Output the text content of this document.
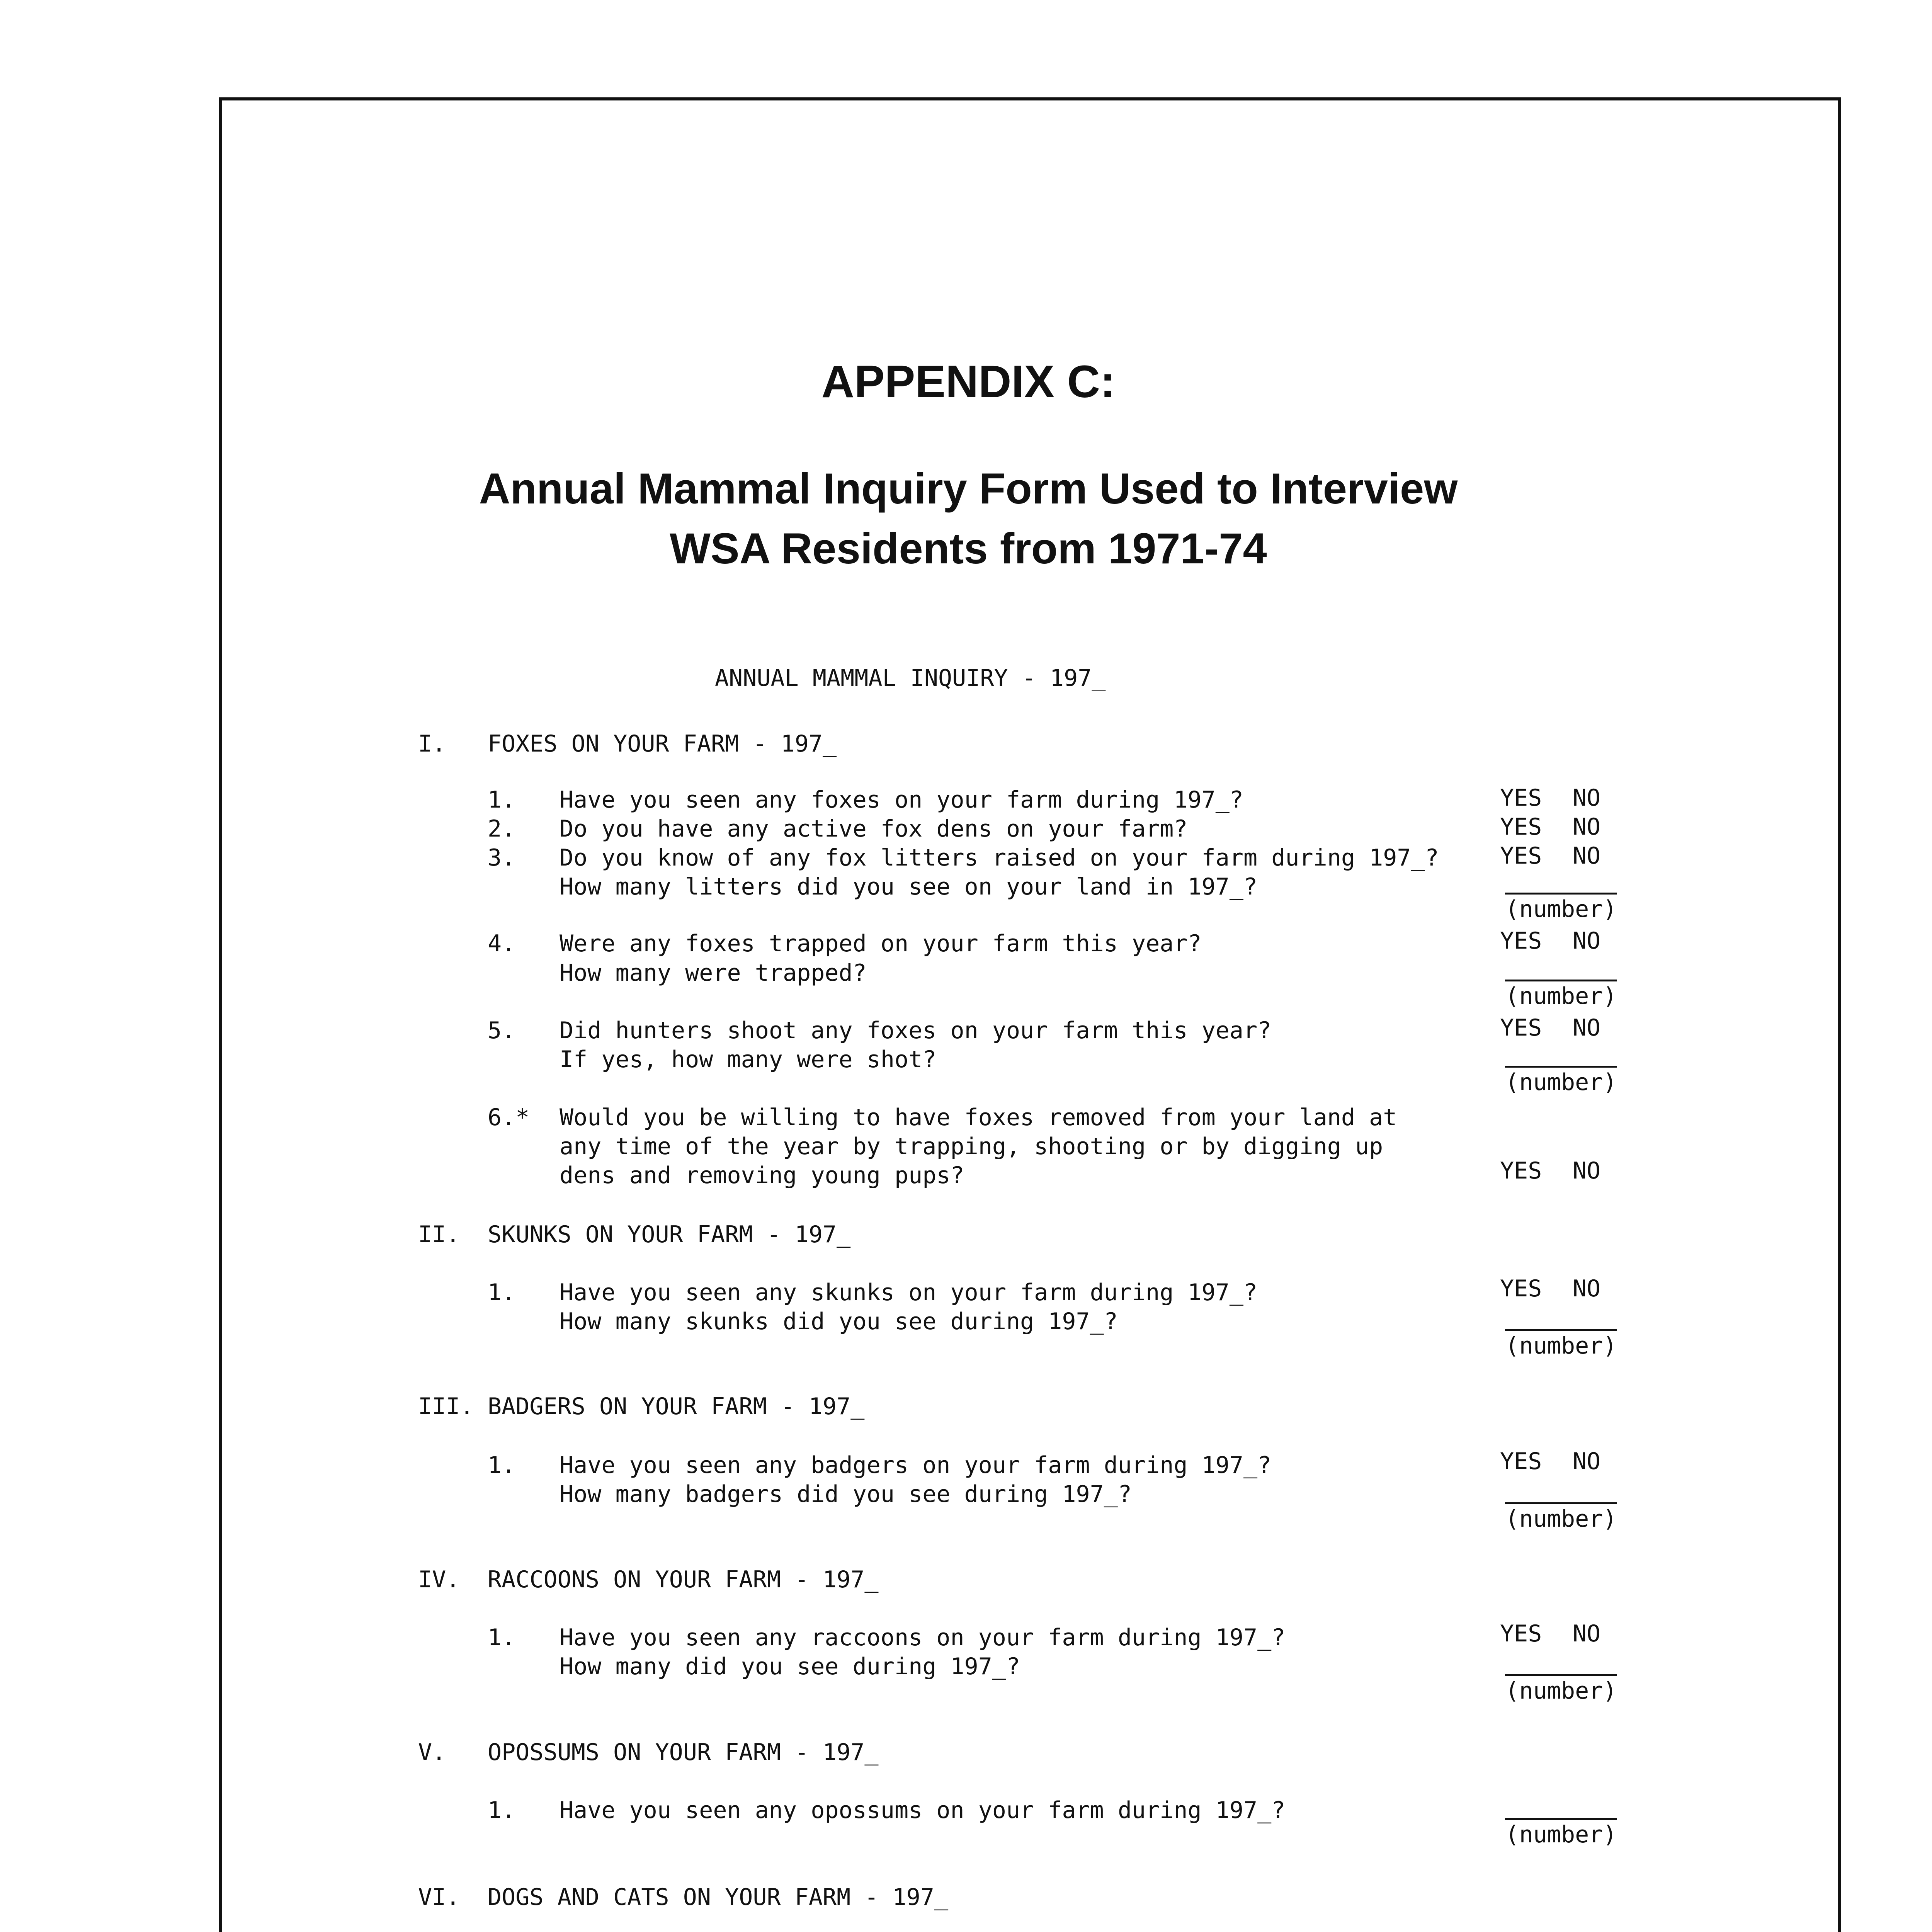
APPENDIX C:
Annual Mammal Inquiry Form Used to Interview
WSA Residents from 1971-74
ANNUAL MAMMAL INQUIRY - 197_
I. FOXES ON YOUR FARM - 197_
1. Have you seen any foxes on your farm during 197_?	YES NO
2. Do you have any active fox dens on your farm?	YES NO
3. Do you know of any fox litters raised on your farm during 197_?	YES NO
How many litters did you see on your land in 197_?
(number)
4. Were any foxes trapped on your farm this year?	YES NO
How many were trapped?
(number)
5. Did hunters shoot any foxes on your farm this year?	YES NO
If yes, how many were shot?
(number)
6.* Would you be willing to have foxes removed from your land at
any time of the year by trapping, shooting or by digging up
dens and removing young pups?	YES NO
II. SKUNKS ON YOUR FARM - 197_
1. Have you seen any skunks on your farm during 197_?	YES NO
How many skunks did you see during 197_?
(number)
III. BADGERS ON YOUR FARM - 197_
1. Have you seen any badgers on your farm during 197_?	YES NO
How many badgers did you see during 197_?
(number)
IV. RACCOONS ON YOUR FARM - 197_
1. Have you seen any raccoons on your farm during 197_?	YES NO
How many did you see during 197_?
(number)
V. OPOSSUMS ON YOUR FARM - 197_
1. Have you seen any opossums on your farm during 197_?
(number)
VI. DOGS AND CATS ON YOUR FARM - 197_
